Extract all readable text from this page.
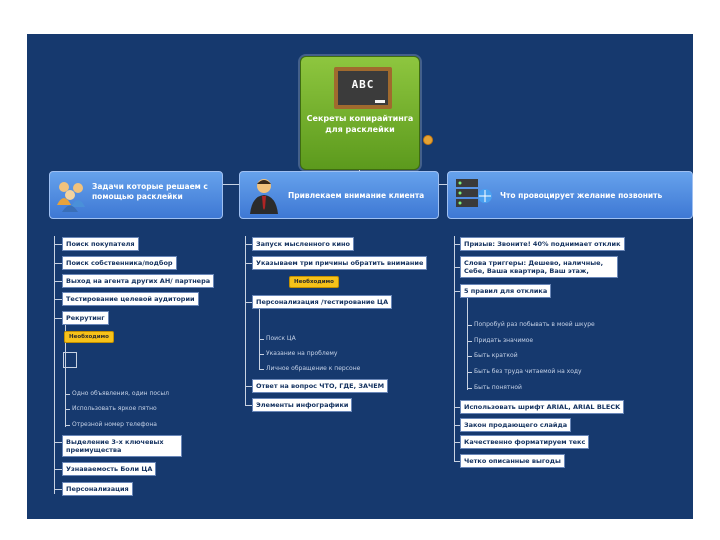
ABC
Секреты копирайтинга для расклейки
Задачи которые решаем с помощью расклейки	Привлекаем внимание клиента	Что провоцирует желание позвонить
Поиск покупателя
Поиск собственника/подбор
Выход на агента других АН/ партнера
Тестирование целевой аудитории
Рекрутинг
Необходимо
Одно объявления, один посыл
Использовать яркое пятно
Отрезной номер телефона
Выделение 3-х ключевых преимущества
Узнаваемость Боли ЦА
Персонализация
Запуск мысленного кино
Указываем три причины обратить внимание
Необходимо
Персонализация /тестирование ЦА
Поиск ЦА
Указание на проблему
Личное обращение к персоне
Ответ на вопрос ЧТО, ГДЕ, ЗАЧЕМ
Элементы инфографики
Призыв: Звоните! 40% поднимает отклик
Слова триггеры: Дешево, наличные, Себе, Ваша квартира, Ваш этаж,
5 правил для отклика
Попробуй раз побывать в моей шкуре
Придать значимое
Быть краткой
Быть без труда читаемой на ходу
Быть понятной
Использовать шрифт ARIAL, ARIAL BLECK
Закон продающего слайда
Качественно форматируем текс
Четко описанные выгоды
